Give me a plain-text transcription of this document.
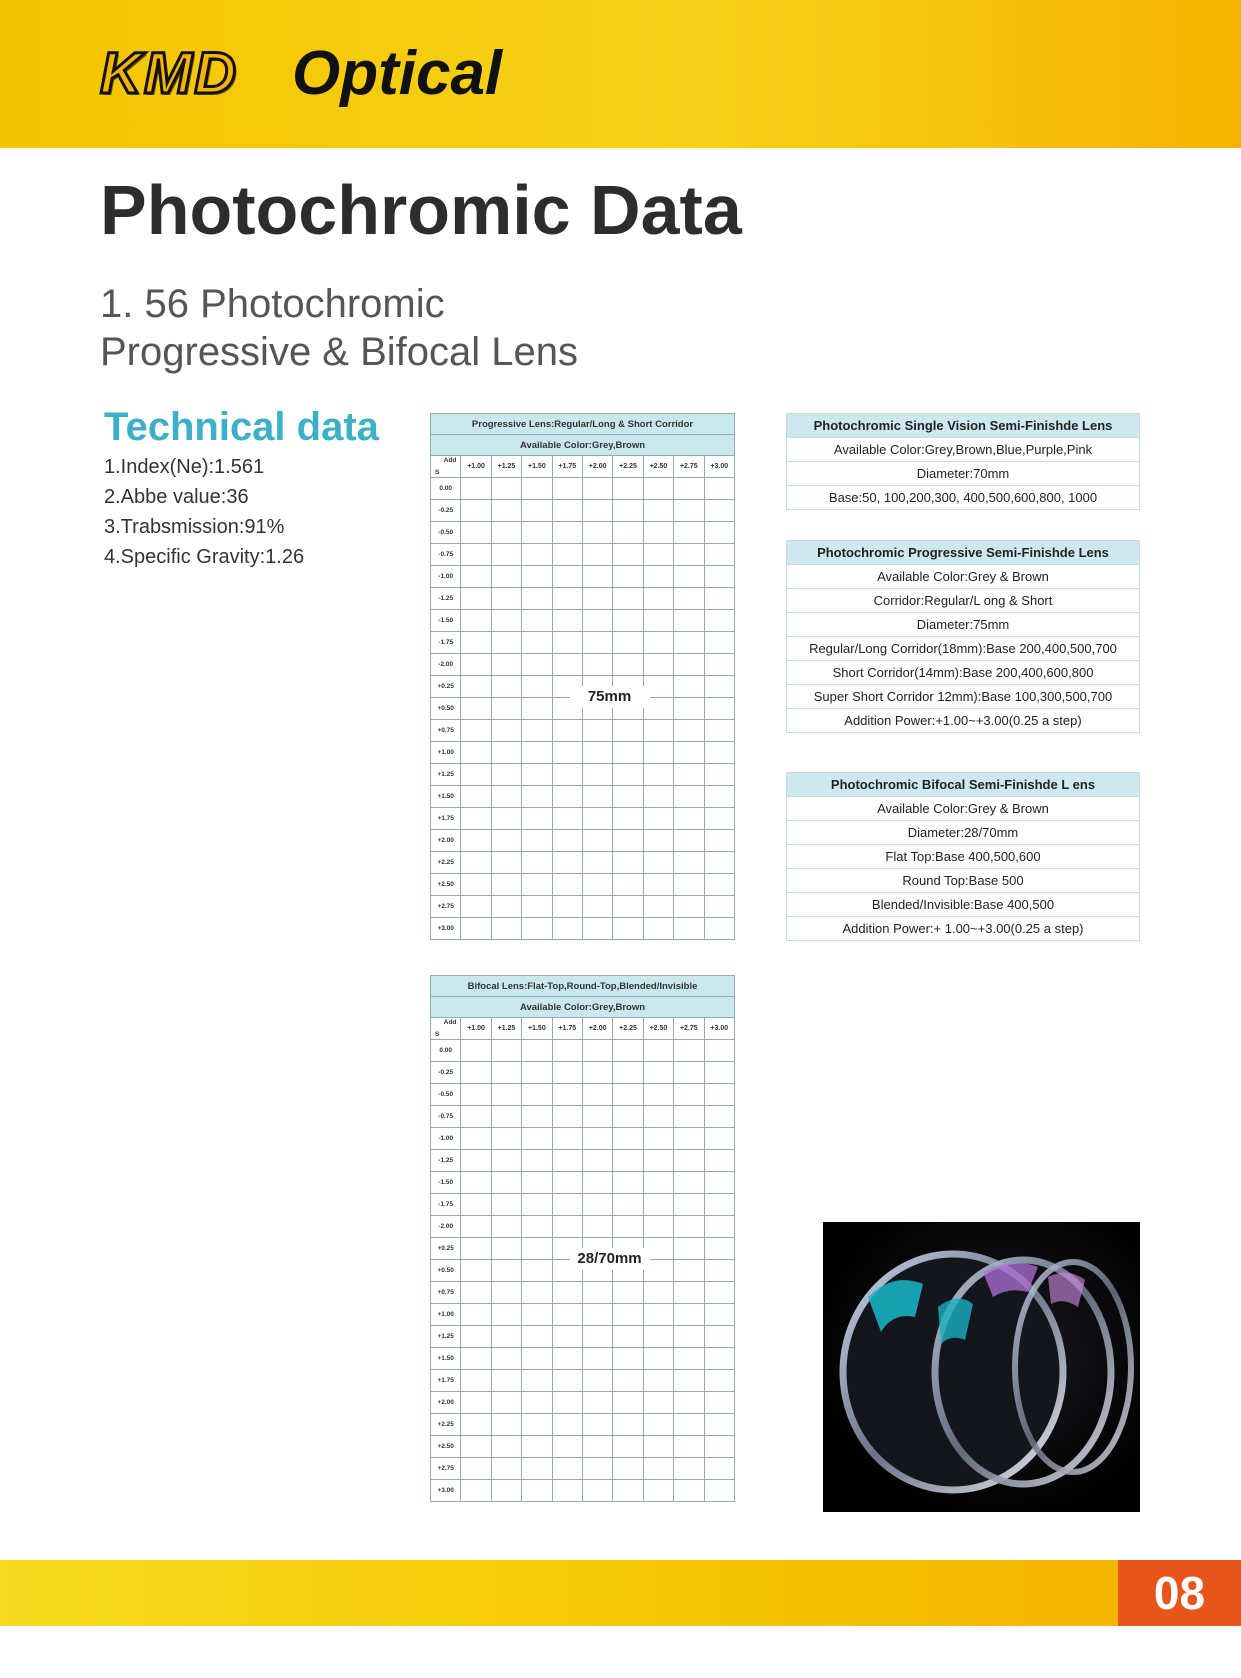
KMD Optical
Photochromic Data
1. 56 Photochromic
Progressive & Bifocal Lens
Technical data
1.Index(Ne):1.561
2.Abbe value:36
3.Trabsmission:91%
4.Specific Gravity:1.26
Progressive Lens:Regular/Long & Short Corridor									
Available Color:Grey,Brown									

Add
S	+1.00	+1.25	+1.50	+1.75	+2.00	+2.25	+2.50	+2.75	+3.00
0.00									
-0.25									
-0.50									
-0.75									
-1.00									
-1.25									
-1.50									
-1.75									
-2.00									
+0.25									
+0.50									
+0.75									
+1.00									
+1.25									
+1.50									
+1.75									
+2.00									
+2.25									
+2.50									
+2.75									
+3.00									
75mm
Bifocal Lens:Flat-Top,Round-Top,Blended/Invisible									
Available Color:Grey,Brown									

Add
S	+1.00	+1.25	+1.50	+1.75	+2.00	+2.25	+2.50	+2.75	+3.00
0.00									
-0.25									
-0.50									
-0.75									
-1.00									
-1.25									
-1.50									
-1.75									
-2.00									
+0.25									
+0.50									
+0.75									
+1.00									
+1.25									
+1.50									
+1.75									
+2.00									
+2.25									
+2.50									
+2.75									
+3.00									
28/70mm
Photochromic Single Vision Semi-Finishde Lens
Available Color:Grey,Brown,Blue,Purple,Pink
Diameter:70mm
Base:50, 100,200,300, 400,500,600,800, 1000
Photochromic Progressive Semi-Finishde Lens
Available Color:Grey & Brown
Corridor:Regular/L ong & Short
Diameter:75mm
Regular/Long Corridor(18mm):Base 200,400,500,700
Short Corridor(14mm):Base 200,400,600,800
Super Short Corridor 12mm):Base 100,300,500,700
Addition Power:+1.00~+3.00(0.25 a step)
Photochromic Bifocal Semi-Finishde L ens
Available Color:Grey & Brown
Diameter:28/70mm
Flat Top:Base 400,500,600
Round Top:Base 500
Blended/Invisible:Base 400,500
Addition Power:+ 1.00~+3.00(0.25 a step)
08
